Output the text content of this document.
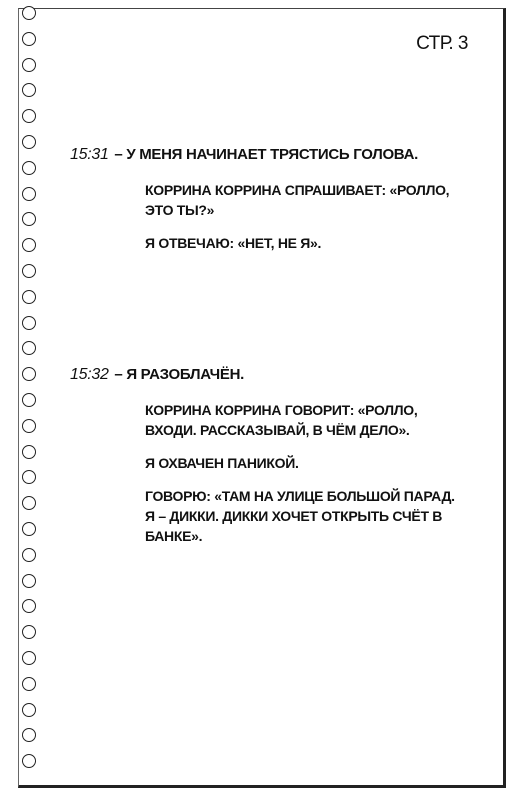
СТР. 3
15:31 – У МЕНЯ НАЧИНАЕТ ТРЯСТИСЬ ГОЛОВА.
КОРРИНА КОРРИНА СПРАШИВАЕТ: «РОЛЛО, ЭТО ТЫ?»
Я ОТВЕЧАЮ: «НЕТ, НЕ Я».
15:32 – Я РАЗОБЛАЧЁН.
КОРРИНА КОРРИНА ГОВОРИТ: «РОЛЛО, ВХОДИ. РАССКАЗЫВАЙ, В ЧЁМ ДЕЛО».
Я ОХВАЧЕН ПАНИКОЙ.
ГОВОРЮ: «ТАМ НА УЛИЦЕ БОЛЬШОЙ ПАРАД. Я – ДИККИ. ДИККИ ХОЧЕТ ОТКРЫТЬ СЧЁТ В БАНКЕ».
